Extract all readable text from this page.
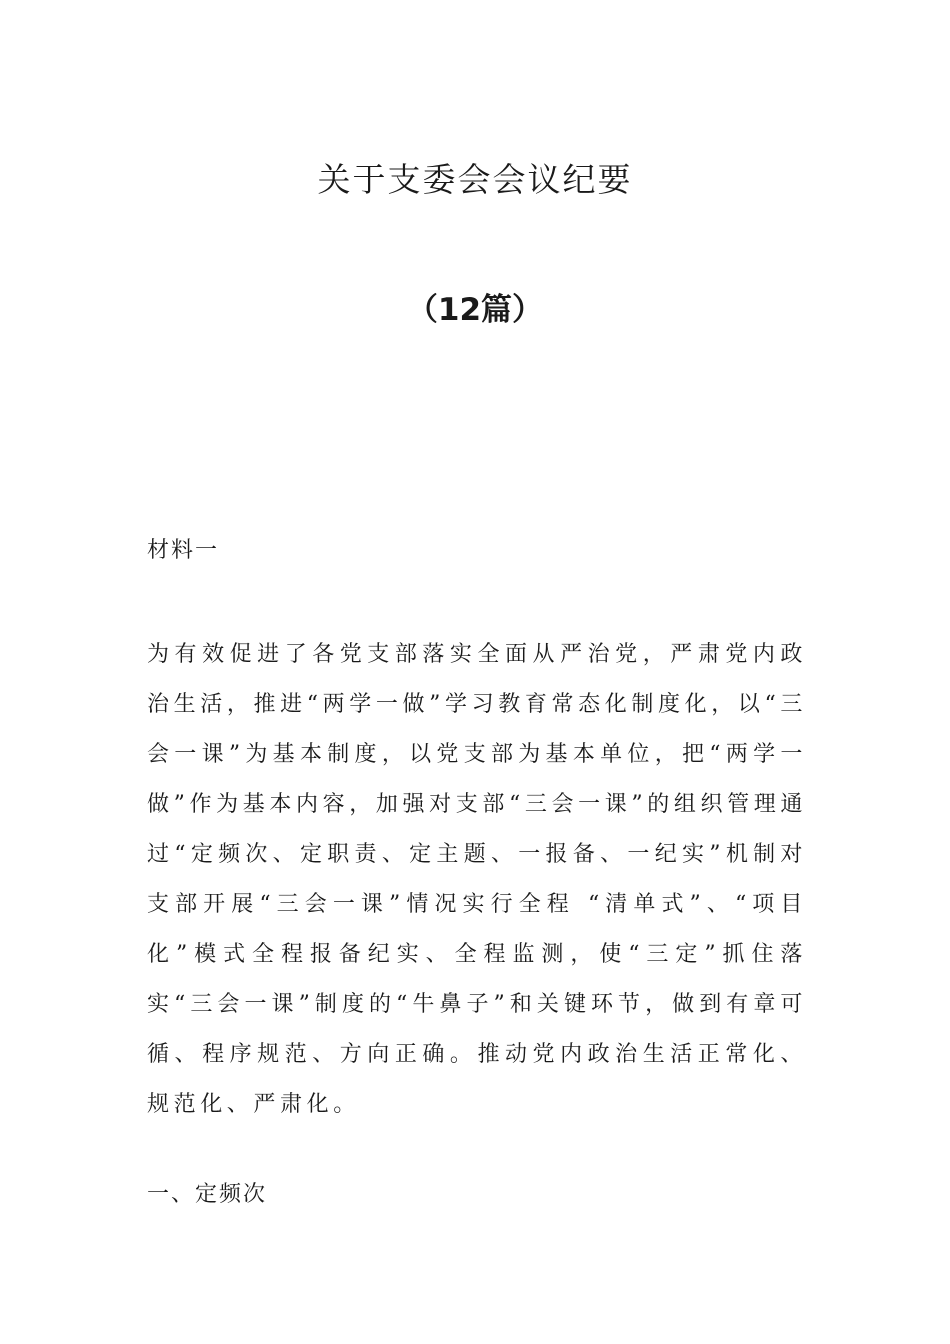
关于支委会会议纪要
（12篇）

材料一

为有效促进了各党支部落实全面从严治党，严肃党内政治生活，推进“两学一做”学习教育常态化制度化，以“三会一课”为基本制度，以党支部为基本单位，把“两学一做”作为基本内容，加强对支部“三会一课”的组织管理通过“定频次、定职责、定主题、一报备、一纪实”机制对支部开展“三会一课”情况实行全程 “清单式”、“项目化”模式全程报备纪实、全程监测，使“三定”抓住落实“三会一课”制度的“牛鼻子”和关键环节，做到有章可循、程序规范、方向正确。推动党内政治生活正常化、规范化、严肃化。

一、定频次
